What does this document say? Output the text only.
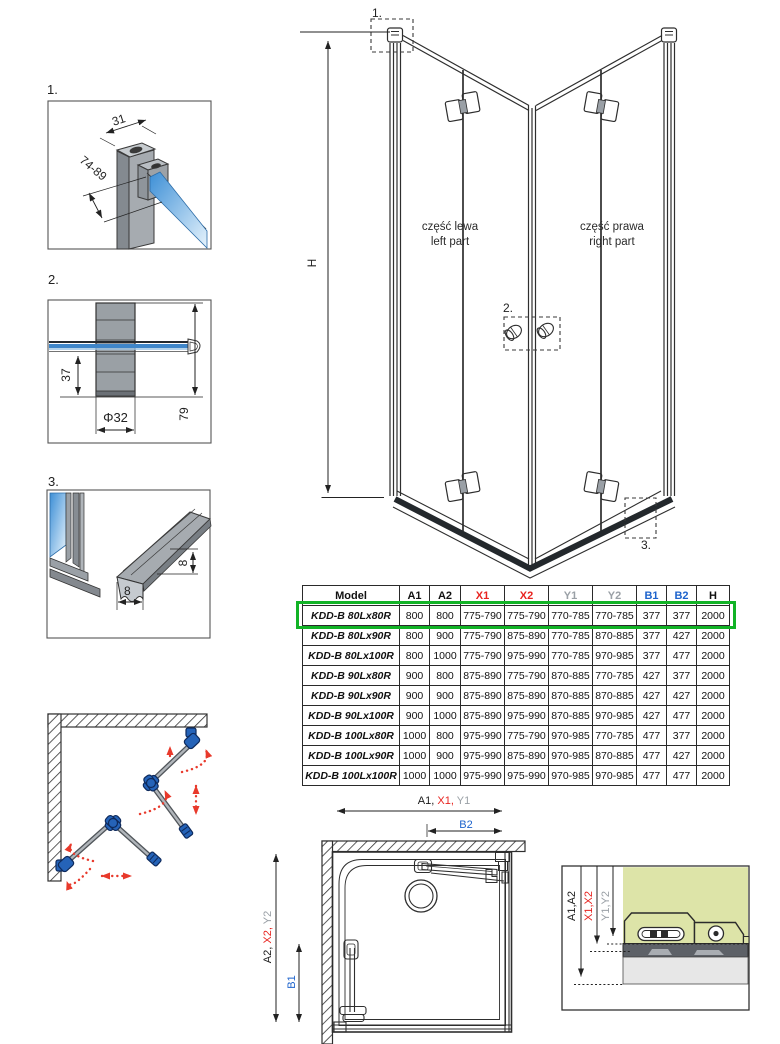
1.
31
74-89
2.
37
Φ32	79
3.
8
8
1.
H
część lewa
left part
część prawa
right part
2.
3.
A1, X1, Y1
B2
A2, X2, Y2
B1
A1,A2 X1,X2 Y1,Y2
Model	A1	A2	X1	X2	Y1	Y2	B1	B2	H
KDD-B 80Lx80R	800	800	775-790	775-790	770-785	770-785	377	377	2000
KDD-B 80Lx90R	800	900	775-790	875-890	770-785	870-885	377	427	2000
KDD-B 80Lx100R	800	1000	775-790	975-990	770-785	970-985	377	477	2000
KDD-B 90Lx80R	900	800	875-890	775-790	870-885	770-785	427	377	2000
KDD-B 90Lx90R	900	900	875-890	875-890	870-885	870-885	427	427	2000
KDD-B 90Lx100R	900	1000	875-890	975-990	870-885	970-985	427	477	2000
KDD-B 100Lx80R	1000	800	975-990	775-790	970-985	770-785	477	377	2000
KDD-B 100Lx90R	1000	900	975-990	875-890	970-985	870-885	477	427	2000
KDD-B 100Lx100R	1000	1000	975-990	975-990	970-985	970-985	477	477	2000
